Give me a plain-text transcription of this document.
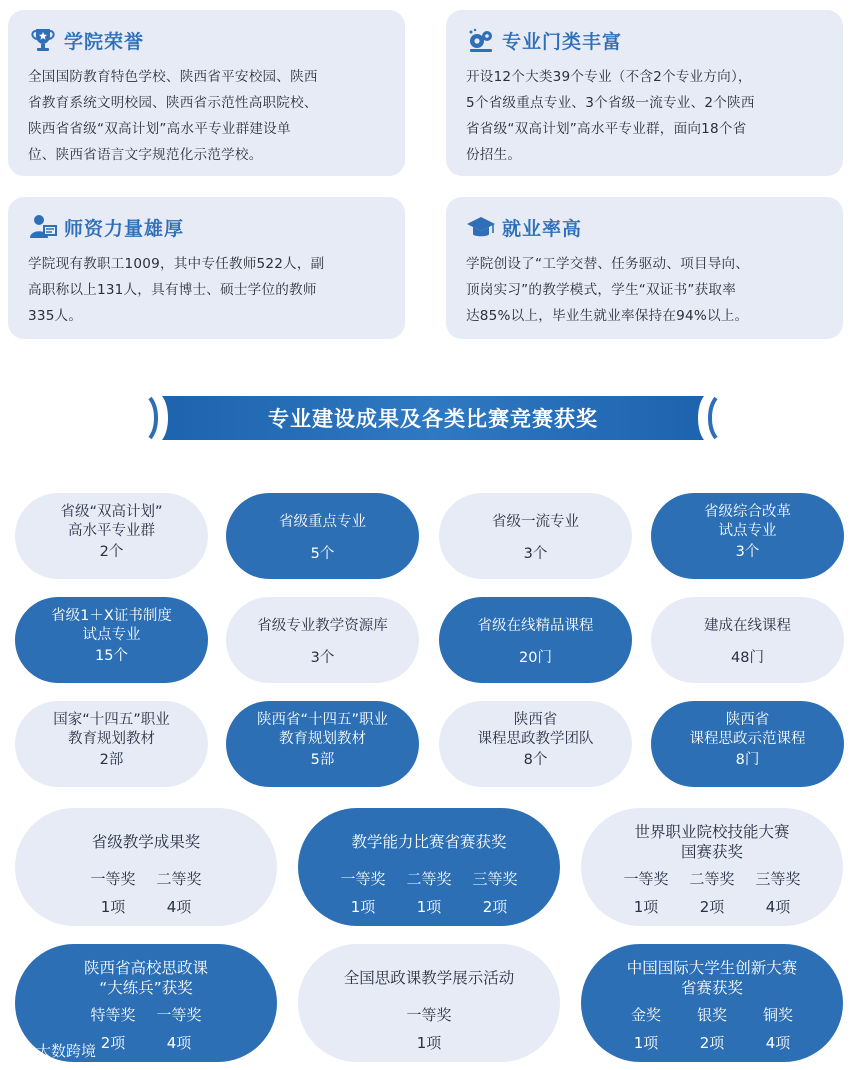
学院荣誉
全国国防教育特色学校、陕西省平安校园、陕西
省教育系统文明校园、陕西省示范性高职院校、
陕西省省级“双高计划”高水平专业群建设单
位、陕西省语言文字规范化示范学校。
专业门类丰富
开设12个大类39个专业（不含2个专业方向），
5个省级重点专业、3个省级一流专业、2个陕西
省省级“双高计划”高水平专业群，面向18个省
份招生。
师资力量雄厚
学院现有教职工1009，其中专任教师522人，副
高职称以上131人，具有博士、硕士学位的教师
335人。
就业率高
学院创设了“工学交替、任务驱动、项目导向、
顶岗实习”的教学模式，学生“双证书”获取率
达85%以上，毕业生就业率保持在94%以上。
专业建设成果及各类比赛竞赛获奖
省级“双高计划”
高水平专业群
2个
省级重点专业
5个
省级一流专业
3个
省级综合改革
试点专业
3个
省级1＋X证书制度
试点专业
15个
省级专业教学资源库
3个
省级在线精品课程
20门
建成在线课程
48门
国家“十四五”职业
教育规划教材
2部
陕西省“十四五”职业
教育规划教材
5部
陕西省
课程思政教学团队
8个
陕西省
课程思政示范课程
8门
省级教学成果奖
一等奖	二等奖
1项	4项
教学能力比赛省赛获奖
一等奖	二等奖	三等奖
1项	1项	2项
世界职业院校技能大赛
国赛获奖
一等奖	二等奖	三等奖
1项	2项	4项
陕西省高校思政课
“大练兵”获奖
特等奖	一等奖
2项	4项
全国思政课教学展示活动
一等奖
1项
中国国际大学生创新大赛
省赛获奖
金奖	银奖	铜奖
1项	2项	4项
大数跨境
